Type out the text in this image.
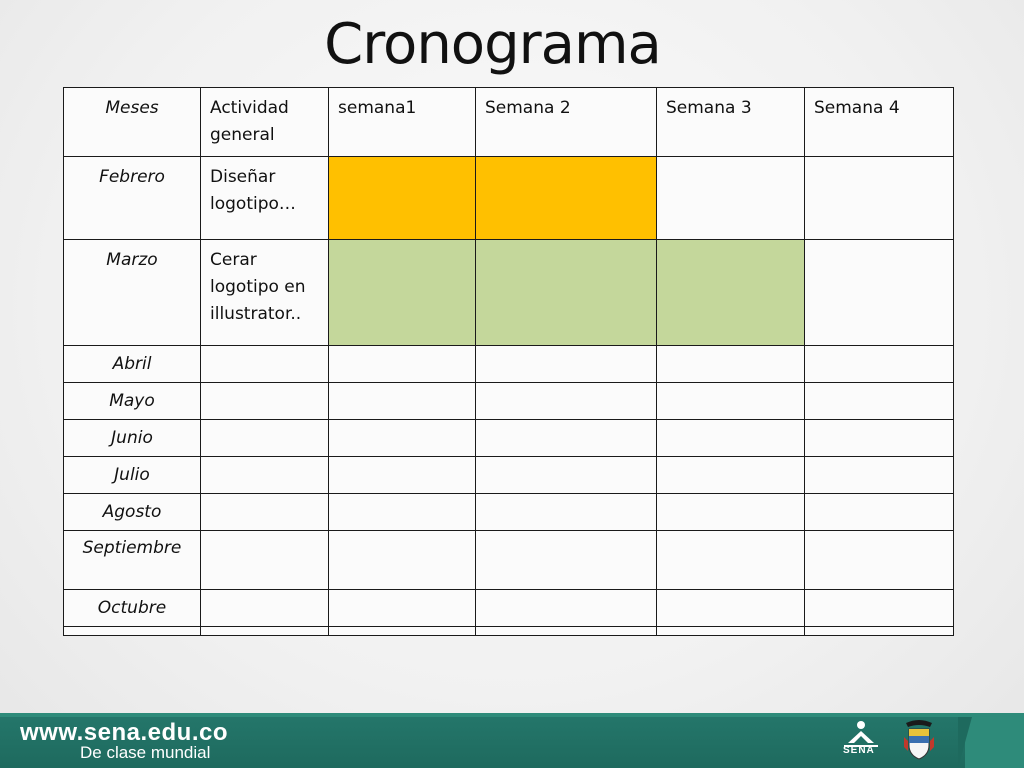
Cronograma
Meses	Actividad general	semana1	Semana 2	Semana 3	Semana 4
Febrero	Diseñar
logotipo…				

Marzo	Cerar
logotipo en
illustrator..				

Abril					
Mayo					
Junio					
Julio					
Agosto					
Septiembre					
Octubre					

www.sena.edu.co
De clase mundial	SENA
